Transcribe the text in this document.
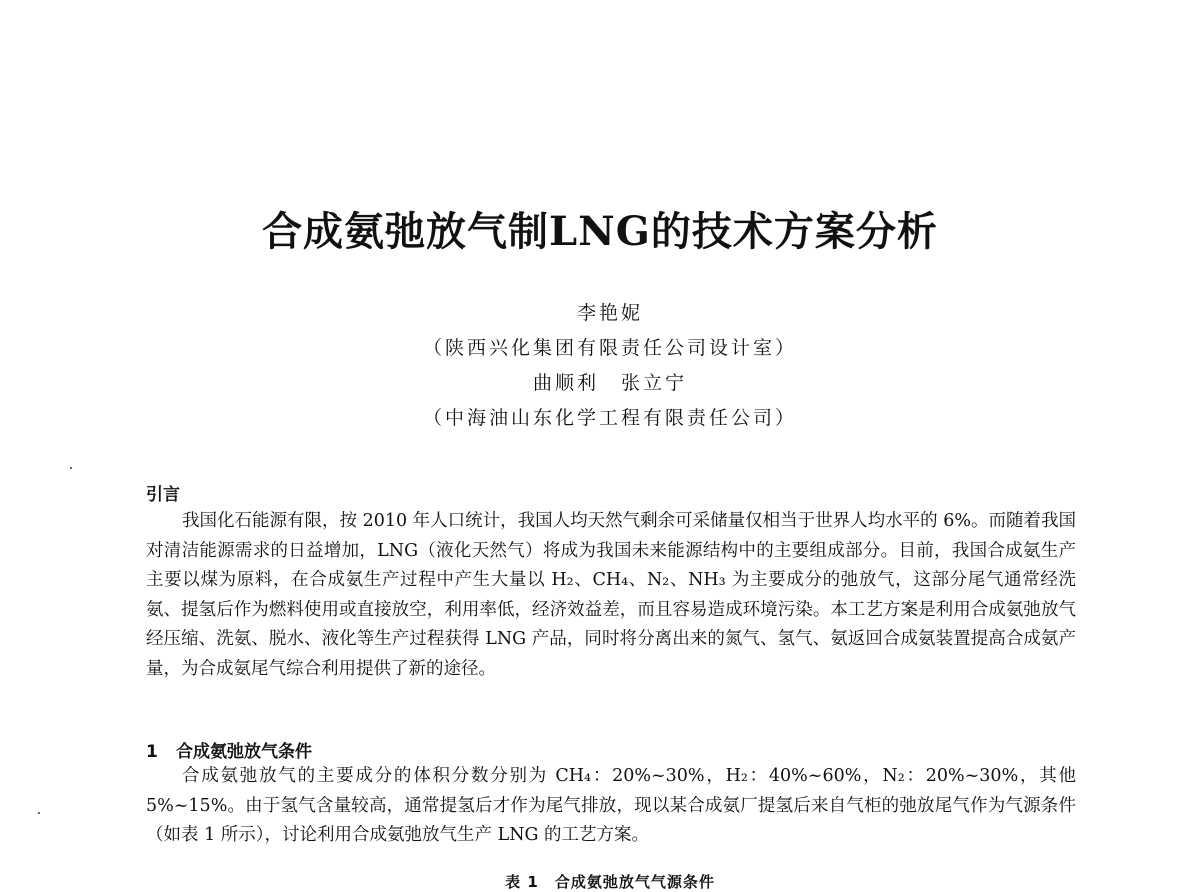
合成氨弛放气制LNG的技术方案分析
李艳妮
（陕西兴化集团有限责任公司设计室）
曲顺利　张立宁
（中海油山东化学工程有限责任公司）
引言
我国化石能源有限，按 2010 年人口统计，我国人均天然气剩余可采储量仅相当于世界人均水平的 6%。而随着我国对清洁能源需求的日益增加，LNG（液化天然气）将成为我国未来能源结构中的主要组成部分。目前，我国合成氨生产主要以煤为原料，在合成氨生产过程中产生大量以 H₂、CH₄、N₂、NH₃ 为主要成分的弛放气，这部分尾气通常经洗氨、提氢后作为燃料使用或直接放空，利用率低，经济效益差，而且容易造成环境污染。本工艺方案是利用合成氨弛放气经压缩、洗氨、脱水、液化等生产过程获得 LNG 产品，同时将分离出来的氮气、氢气、氨返回合成氨装置提高合成氨产量，为合成氨尾气综合利用提供了新的途径。
1 合成氨弛放气条件
合成氨弛放气的主要成分的体积分数分别为 CH₄：20%~30%，H₂：40%~60%，N₂：20%~30%，其他 5%~15%。由于氢气含量较高，通常提氢后才作为尾气排放，现以某合成氨厂提氢后来自气柜的弛放尾气作为气源条件（如表 1 所示），讨论利用合成氨弛放气生产 LNG 的工艺方案。
表 1　合成氨弛放气气源条件
